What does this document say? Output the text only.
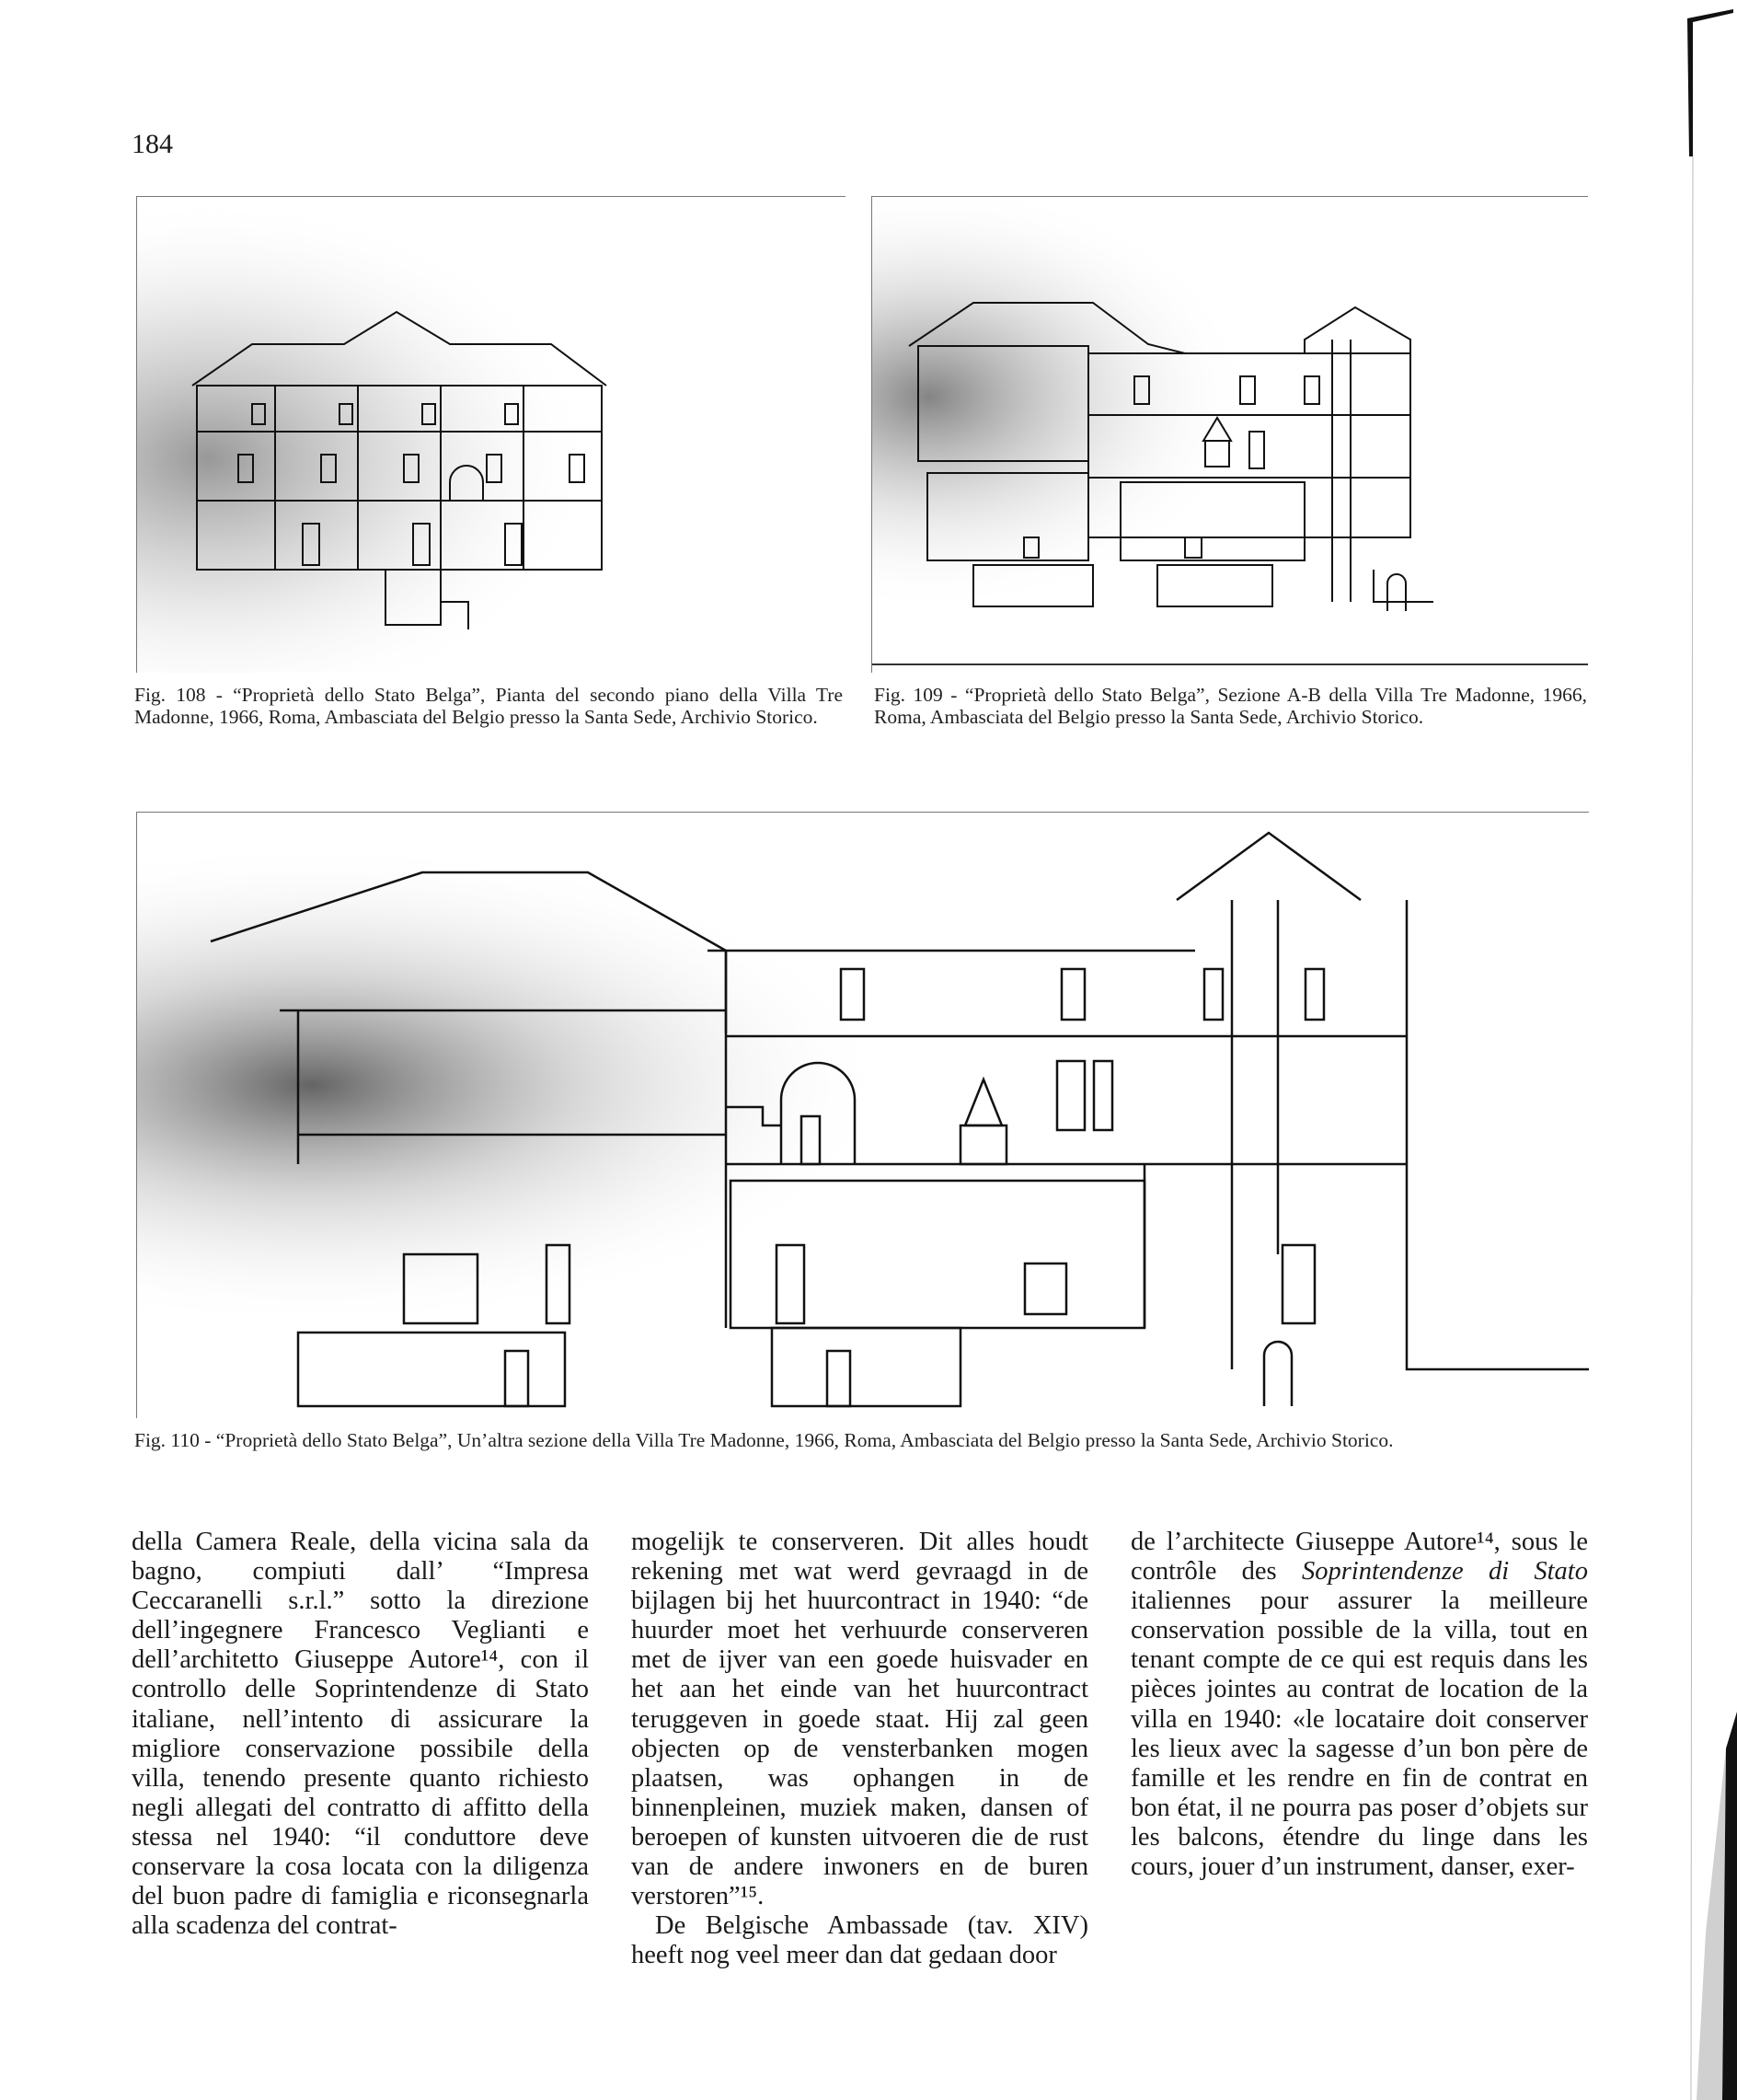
184
Fig. 108 - “Proprietà dello Stato Belga”, Pianta del secondo piano della Villa Tre Madonne, 1966, Roma, Ambasciata del Belgio presso la Santa Sede, Archivio Storico.
Fig. 109 - “Proprietà dello Stato Belga”, Sezione A-B della Villa Tre Madonne, 1966, Roma, Ambasciata del Belgio presso la Santa Sede, Archivio Storico.
Fig. 110 - “Proprietà dello Stato Belga”, Un’altra sezione della Villa Tre Madonne, 1966, Roma, Ambasciata del Belgio presso la Santa Sede, Archivio Storico.

della Camera Reale, della vicina sala da bagno, compiuti dall’ “Impresa Ceccaranelli s.r.l.” sotto la direzione dell’ingegnere Francesco Veglianti e dell’architetto Giuseppe Autore¹⁴, con il controllo delle Soprintendenze di Stato italiane, nell’intento di assicurare la migliore conservazione possibile della villa, tenendo presente quanto richiesto negli allegati del contratto di affitto della stessa nel 1940: “il conduttore deve conservare la cosa locata con la diligenza del buon padre di famiglia e riconsegnarla alla scadenza del contrat-

mogelijk te conserveren. Dit alles houdt rekening met wat werd gevraagd in de bijlagen bij het huurcontract in 1940: “de huurder moet het verhuurde conserveren met de ijver van een goede huisvader en het aan het einde van het huurcontract teruggeven in goede staat. Hij zal geen objecten op de vensterbanken mogen plaatsen, was ophangen in de binnenpleinen, muziek maken, dansen of beroepen of kunsten uitvoeren die de rust van de andere inwoners en de buren verstoren”¹⁵.

De Belgische Ambassade (tav. XIV) heeft nog veel meer dan dat gedaan door

de l’architecte Giuseppe Autore¹⁴, sous le contrôle des Soprintendenze di Stato italiennes pour assurer la meilleure conservation possible de la villa, tout en tenant compte de ce qui est requis dans les pièces jointes au contrat de location de la villa en 1940: «le locataire doit conserver les lieux avec la sagesse d’un bon père de famille et les rendre en fin de contrat en bon état, il ne pourra pas poser d’objets sur les balcons, étendre du linge dans les cours, jouer d’un instrument, danser, exer-
